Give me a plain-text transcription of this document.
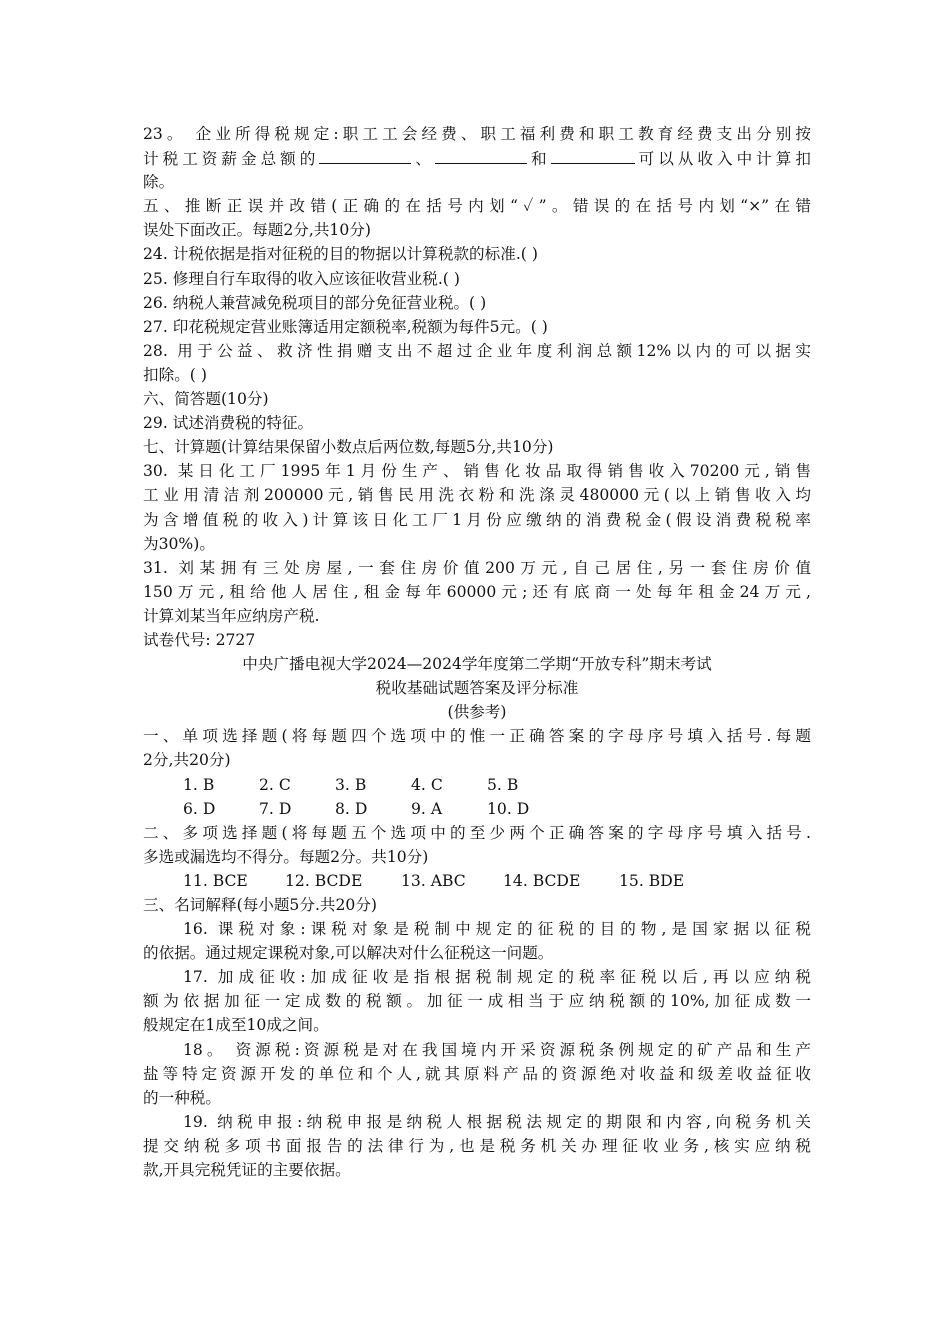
23。 企业所得税规定:职工工会经费、职工福利费和职工教育经费支出分别按
计税工资薪金总额的	、	和	可以从收入中计算扣
除。
五、推断正误并改错(正确的在括号内划“✓”。错误的在括号内划“×”在错
误处下面改正。每题2分,共10分)
24. 计税依据是指对征税的目的物据以计算税款的标准.( )
25. 修理自行车取得的收入应该征收营业税.( )
26. 纳税人兼营减免税项目的部分免征营业税。( )
27. 印花税规定营业账簿适用定额税率,税额为每件5元。( )
28. 用于公益、救济性捐赠支出不超过企业年度利润总额12%以内的可以据实
扣除。( )
六、简答题(10分)
29. 试述消费税的特征。
七、计算题(计算结果保留小数点后两位数,每题5分,共10分)
30. 某日化工厂1995年1月份生产、销售化妆品取得销售收入70200元,销售
工业用清洁剂200000元,销售民用洗衣粉和洗涤灵480000元(以上销售收入均
为含增值税的收入)计算该日化工厂1月份应缴纳的消费税金(假设消费税税率
为30%)。
31. 刘某拥有三处房屋,一套住房价值200万元,自己居住,另一套住房价值
150万元,租给他人居住,租金每年60000元;还有底商一处每年租金24万元,
计算刘某当年应纳房产税.
试卷代号: 2727
中央广播电视大学2024—2024学年度第二学期“开放专科”期末考试
税收基础试题答案及评分标准
(供参考)
一、单项选择题(将每题四个选项中的惟一正确答案的字母序号填入括号.每题
2分,共20分)
1. B	2. C	3. B	4. C	5. B
6. D	7. D	8. D	9. A	10. D
二、多项选择题(将每题五个选项中的至少两个正确答案的字母序号填入括号.
多选或漏选均不得分。每题2分。共10分)
11. BCE 12. BCDE 13. ABC 14. BCDE 15. BDE
三、名词解释(每小题5分.共20分)
16. 课税对象:课税对象是税制中规定的征税的目的物,是国家据以征税
的依据。通过规定课税对象,可以解决对什么征税这一问题。
17. 加成征收:加成征收是指根据税制规定的税率征税以后,再以应纳税
额为依据加征一定成数的税额。加征一成相当于应纳税额的10%,加征成数一
般规定在1成至10成之间。
18。 资源税:资源税是对在我国境内开采资源税条例规定的矿产品和生产
盐等特定资源开发的单位和个人,就其原料产品的资源绝对收益和级差收益征收
的一种税。
19. 纳税申报:纳税申报是纳税人根据税法规定的期限和内容,向税务机关
提交纳税多项书面报告的法律行为,也是税务机关办理征收业务,核实应纳税
款,开具完税凭证的主要依据。
